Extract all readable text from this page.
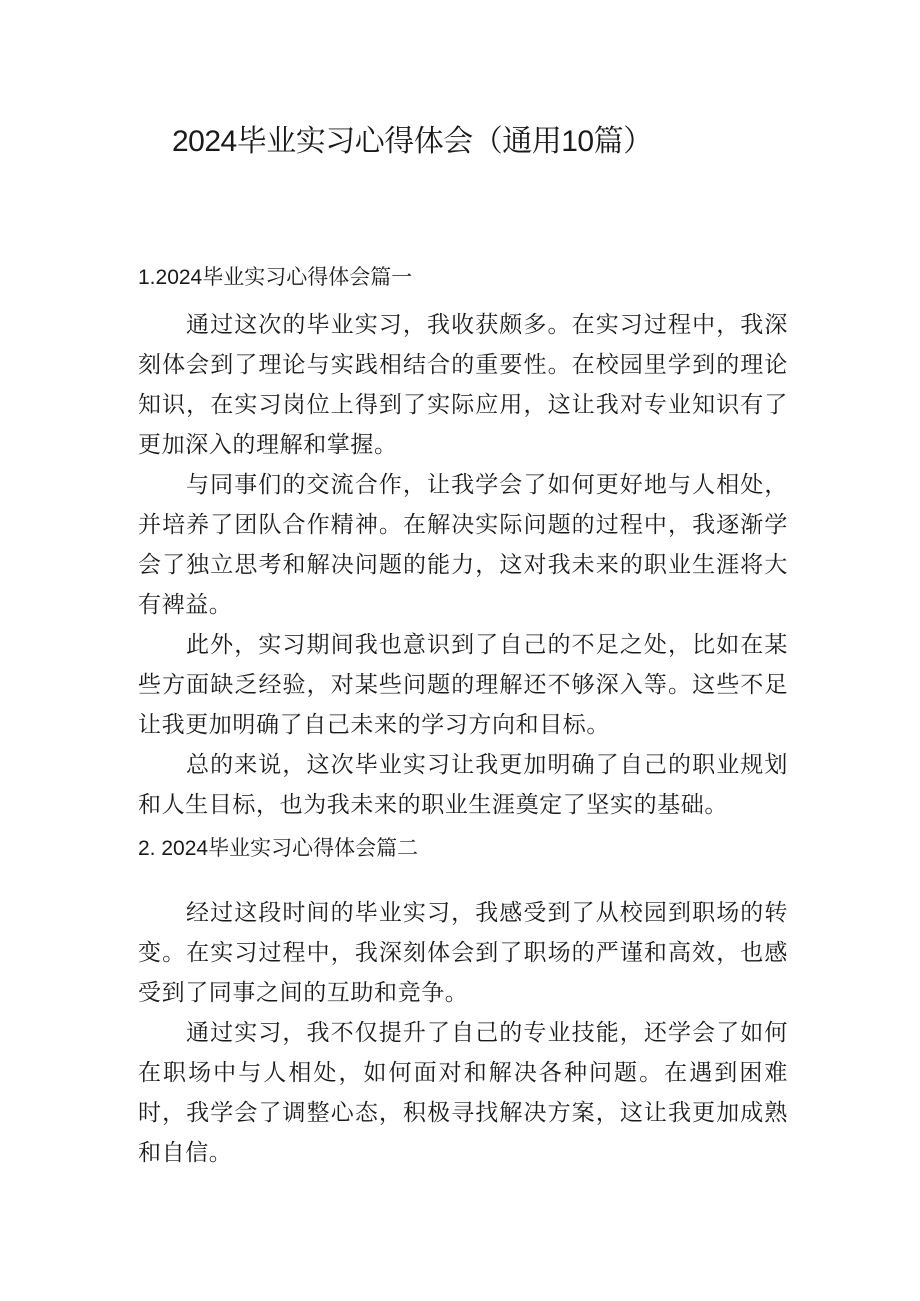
2024毕业实习心得体会（通用10篇）
1.2024毕业实习心得体会篇一

通过这次的毕业实习，我收获颇多。在实习过程中，我深刻体会到了理论与实践相结合的重要性。在校园里学到的理论知识，在实习岗位上得到了实际应用，这让我对专业知识有了更加深入的理解和掌握。

与同事们的交流合作，让我学会了如何更好地与人相处，并培养了团队合作精神。在解决实际问题的过程中，我逐渐学会了独立思考和解决问题的能力，这对我未来的职业生涯将大有裨益。

此外，实习期间我也意识到了自己的不足之处，比如在某些方面缺乏经验，对某些问题的理解还不够深入等。这些不足让我更加明确了自己未来的学习方向和目标。

总的来说，这次毕业实习让我更加明确了自己的职业规划和人生目标，也为我未来的职业生涯奠定了坚实的基础。

2. 2024毕业实习心得体会篇二

经过这段时间的毕业实习，我感受到了从校园到职场的转变。在实习过程中，我深刻体会到了职场的严谨和高效，也感受到了同事之间的互助和竞争。

通过实习，我不仅提升了自己的专业技能，还学会了如何在职场中与人相处，如何面对和解决各种问题。在遇到困难时，我学会了调整心态，积极寻找解决方案，这让我更加成熟和自信。
